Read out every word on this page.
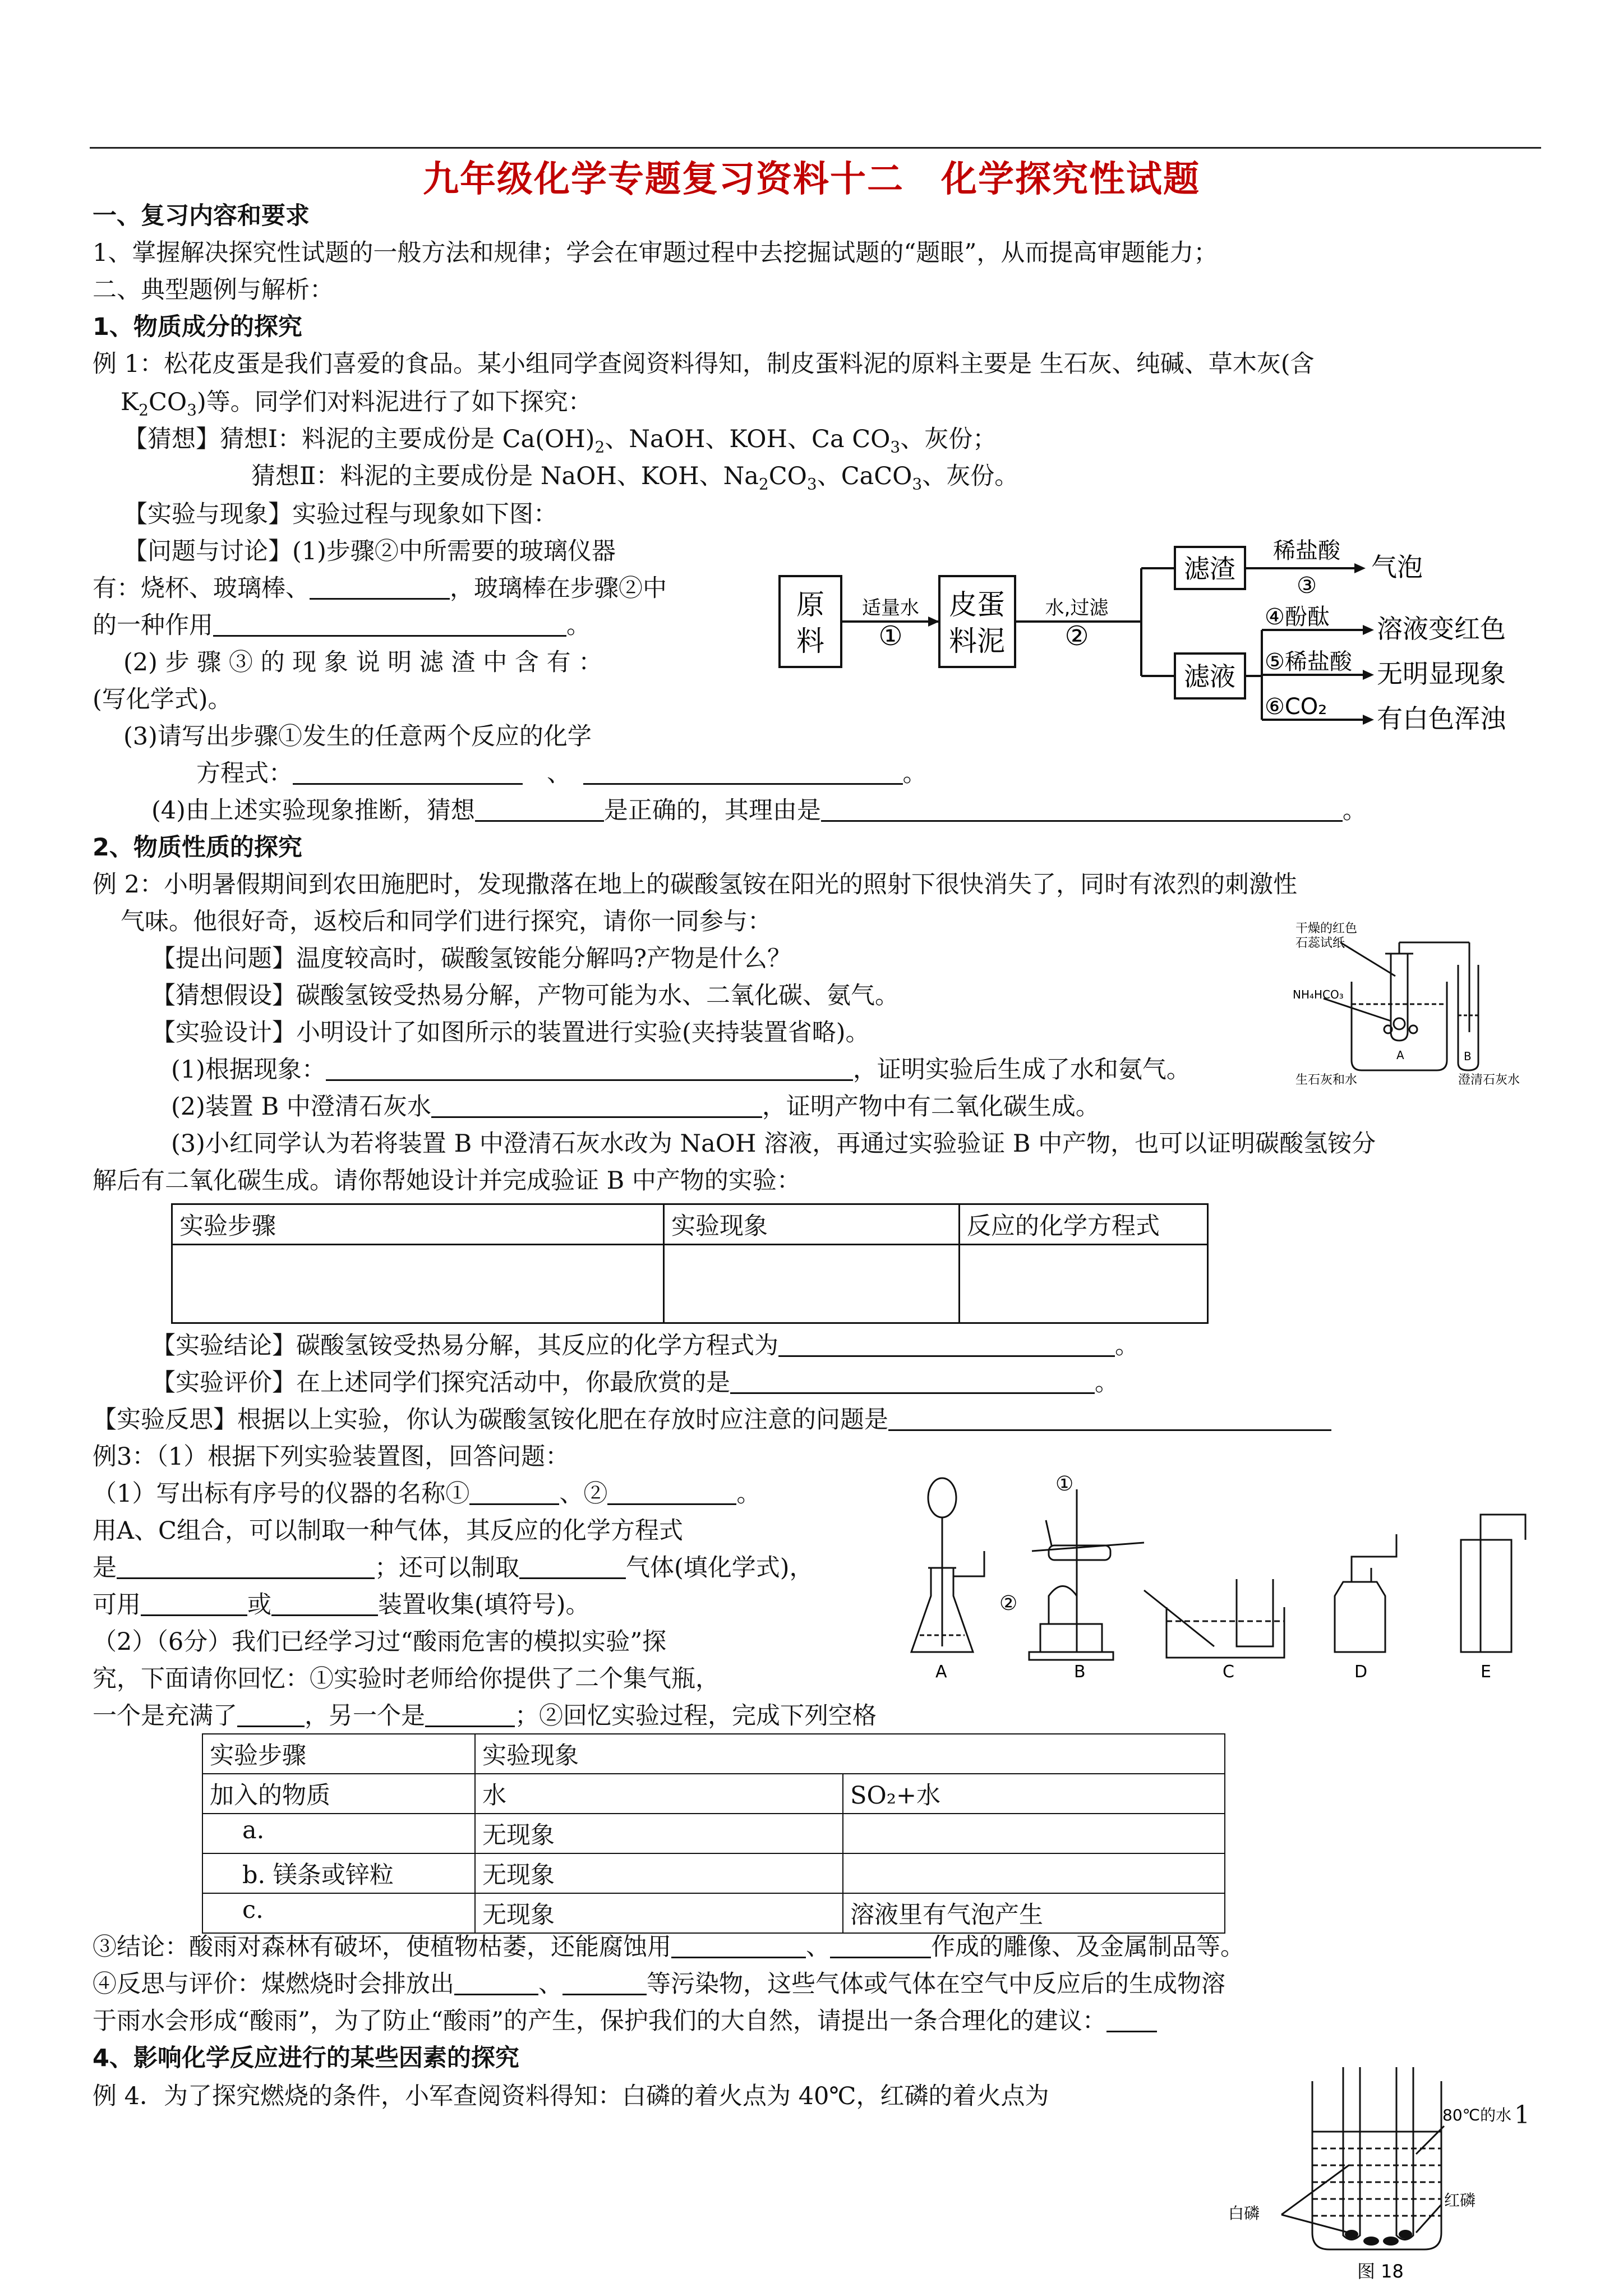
九年级化学专题复习资料十二　化学探究性试题
一、复习内容和要求
1、掌握解决探究性试题的一般方法和规律；学会在审题过程中去挖掘试题的“题眼”，从而提高审题能力；
二、典型题例与解析：
1、物质成分的探究
例 1：松花皮蛋是我们喜爱的食品。某小组同学查阅资料得知，制皮蛋料泥的原料主要是 生石灰、纯碱、草木灰(含
$K_2CO_3$)等。同学们对料泥进行了如下探究：
【猜想】猜想Ⅰ：料泥的主要成份是 $Ca(OH)_2$、NaOH、KOH、Ca $CO_3$、灰份；
猜想Ⅱ：料泥的主要成份是 NaOH、KOH、$Na_2CO_3$、CaCO$_3$、灰份。
【实验与现象】实验过程与现象如下图：
【问题与讨论】(1)步骤②中所需要的玻璃仪器
有：烧杯、玻璃棒、	，玻璃棒在步骤②中
的一种作用	。
(2) 步 骤 ③ 的 现 象 说 明 滤 渣 中 含 有 ：
(写化学式)。
(3)请写出步骤①发生的任意两个反应的化学
方程式：　	、　	。
(4)由上述实验现象推断，猜想	是正确的，其理由是	。
原
料
皮蛋
料泥
适量水
①
水,过滤
②
滤渣
滤液
稀盐酸
③
气泡
④酚酞 溶液变红色
⑤稀盐酸 无明显现象
⑥CO₂ 有白色浑浊
2、物质性质的探究
例 2：小明暑假期间到农田施肥时，发现撒落在地上的碳酸氢铵在阳光的照射下很快消失了，同时有浓烈的刺激性
气味。他很好奇，返校后和同学们进行探究，请你一同参与：
【提出问题】温度较高时，碳酸氢铵能分解吗?产物是什么？
【猜想假设】碳酸氢铵受热易分解，产物可能为水、二氧化碳、氨气。
【实验设计】小明设计了如图所示的装置进行实验(夹持装置省略)。
(1)根据现象：	，证明实验后生成了水和氨气。
(2)装置 B 中澄清石灰水	，证明产物中有二氧化碳生成。
(3)小红同学认为若将装置 B 中澄清石灰水改为 NaOH 溶液，再通过实验验证 B 中产物，也可以证明碳酸氢铵分
解后有二氧化碳生成。请你帮她设计并完成验证 B 中产物的实验：
实验步骤	实验现象	反应的化学方程式

【实验结论】碳酸氢铵受热易分解，其反应的化学方程式为	。
【实验评价】在上述同学们探究活动中，你最欣赏的是	。
【实验反思】根据以上实验，你认为碳酸氢铵化肥在存放时应注意的问题是
干燥的红色
石蕊试纸
NH₄HCO₃
A	B
生石灰和水	澄清石灰水
例3：（1）根据下列实验装置图，回答问题：
（1）写出标有序号的仪器的名称①	、②	。
用A、C组合，可以制取一种气体，其反应的化学方程式
是	；还可以制取	气体(填化学式)，
可用	或	装置收集(填符号)。
（2）（6分）我们已经学习过“酸雨危害的模拟实验”探
究，下面请你回忆：①实验时老师给你提供了二个集气瓶，
一个是充满了	，另一个是	；②回忆实验过程，完成下列空格
①
②
A	B	C	D	E
实验步骤	实验现象	
加入的物质	水	SO₂+水
a.	无现象	
b. 镁条或锌粒	无现象	
c.	无现象	溶液里有气泡产生
③结论：酸雨对森林有破坏，使植物枯萎，还能腐蚀用	、	作成的雕像、及金属制品等。
④反思与评价：煤燃烧时会排放出	、	等污染物，这些气体或气体在空气中反应后的生成物溶
于雨水会形成“酸雨”，为了防止“酸雨”的产生，保护我们的大自然，请提出一条合理化的建议：
4、影响化学反应进行的某些因素的探究
例 4．为了探究燃烧的条件，小军查阅资料得知：白磷的着火点为 40℃，红磷的着火点为
80℃的水
白磷
红磷
图 18
1
